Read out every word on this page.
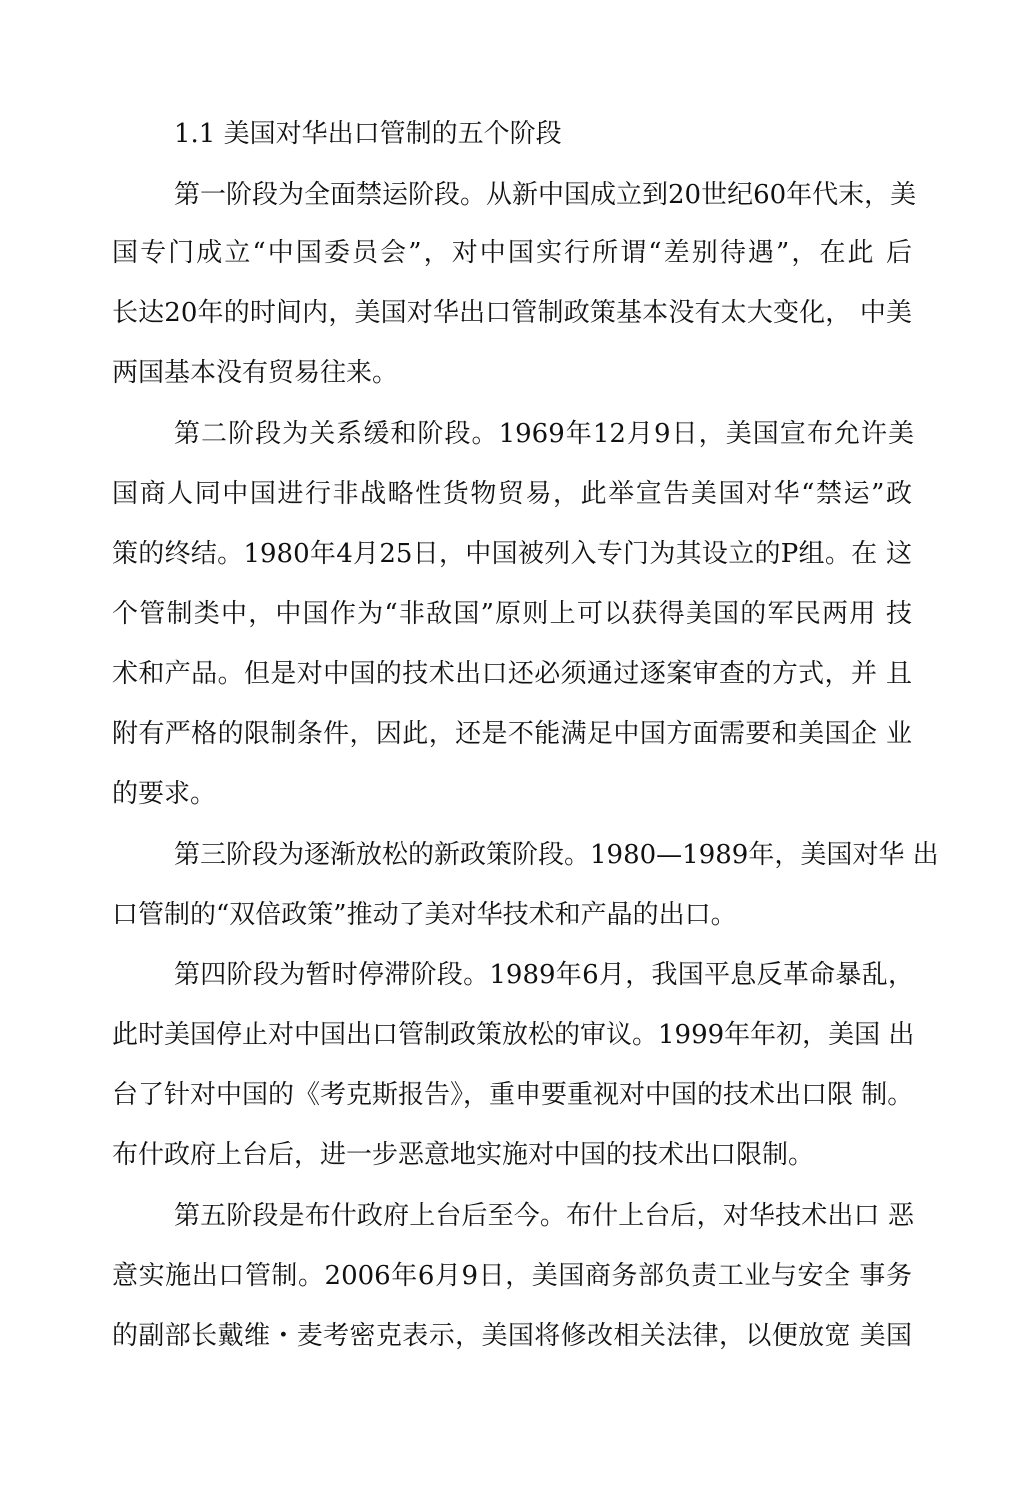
1.1 美国对华出口管制的五个阶段
第一阶段为全面禁运阶段。从新中国成立到20世纪60年代末，美
国专门成立“中国委员会”，对中国实行所谓“差别待遇”，在此 后
长达20年的时间内，美国对华出口管制政策基本没有太大变化， 中美
两国基本没有贸易往来。
第二阶段为关系缓和阶段。1969年12月9日，美国宣布允许美
国商人同中国进行非战略性货物贸易，此举宣告美国对华“禁运”政
策的终结。1980年4月25日，中国被列入专门为其设立的P组。在 这
个管制类中，中国作为“非敌国”原则上可以获得美国的军民两用 技
术和产品。但是对中国的技术出口还必须通过逐案审查的方式，并 且
附有严格的限制条件，因此，还是不能满足中国方面需要和美国企 业
的要求。
第三阶段为逐渐放松的新政策阶段。1980—1989年，美国对华 出
口管制的“双倍政策”推动了美对华技术和产晶的出口。
第四阶段为暂时停滞阶段。1989年6月，我国平息反革命暴乱，
此时美国停止对中国出口管制政策放松的审议。1999年年初，美国 出
台了针对中国的《考克斯报告》，重申要重视对中国的技术出口限 制。
布什政府上台后，进一步恶意地实施对中国的技术出口限制。
第五阶段是布什政府上台后至今。布什上台后，对华技术出口 恶
意实施出口管制。2006年6月9日，美国商务部负责工业与安全 事务
的副部长戴维・麦考密克表示，美国将修改相关法律，以便放宽 美国
